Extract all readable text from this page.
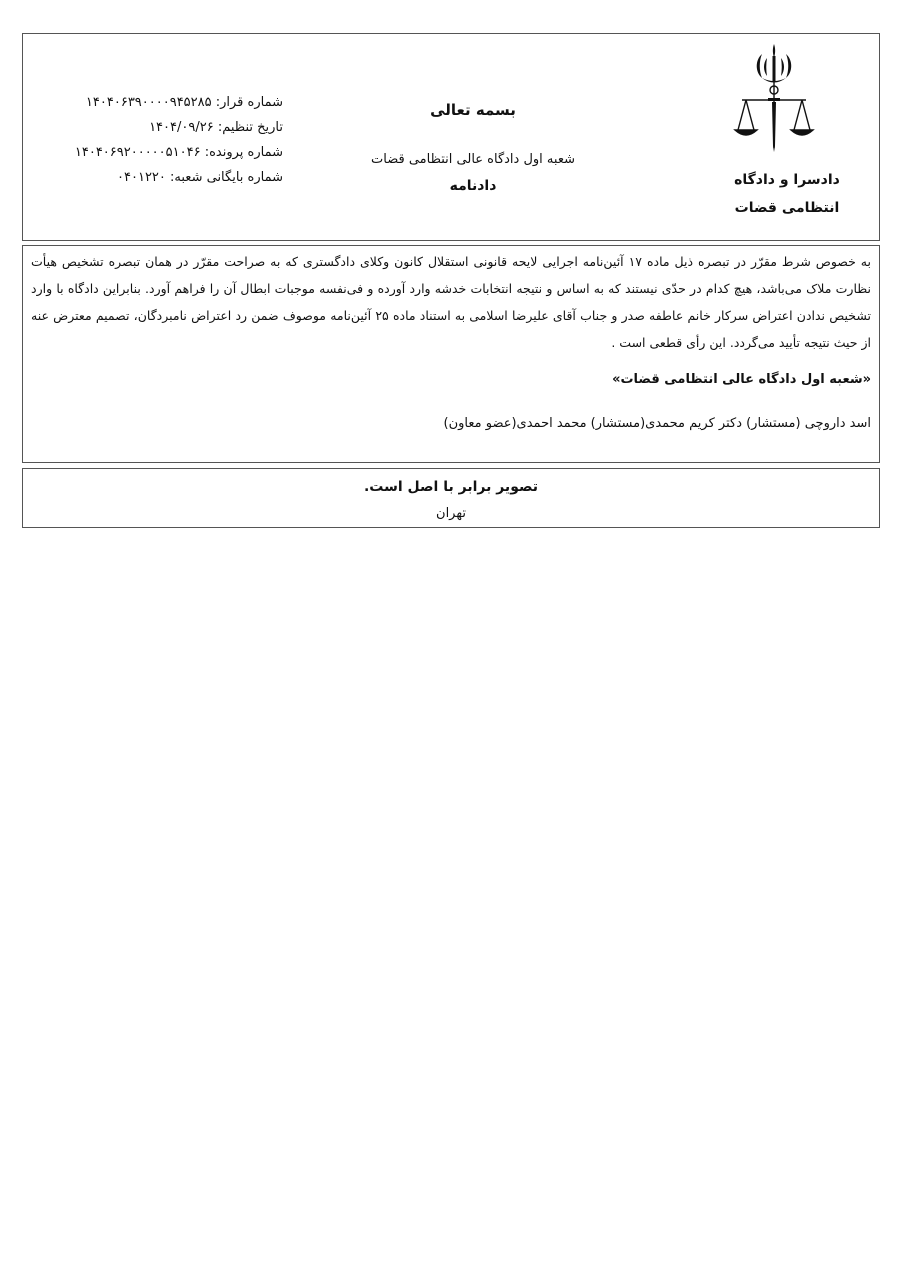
دادسرا و دادگاه انتظامی قضات
بسمه تعالی
شعبه اول دادگاه عالی انتظامی قضات
دادنامه
شماره قرار: ۱۴۰۴۰۶۳۹۰۰۰۰۹۴۵۲۸۵
تاریخ تنظیم: ۱۴۰۴/۰۹/۲۶
شماره پرونده: ۱۴۰۴۰۶۹۲۰۰۰۰۰۵۱۰۴۶
شماره بایگانی شعبه: ۰۴۰۱۲۲۰
به خصوص شرط مقرّر در تبصره ذیل ماده ۱۷ آئین‌نامه اجرایی لایحه قانونی استقلال کانون وکلای دادگستری که به صراحت مقرّر در همان تبصره تشخیص هیأت نظارت ملاک می‌باشد، هیچ کدام در حدّی نیستند که به اساس و نتیجه انتخابات خدشه وارد آورده و فی‌نفسه موجبات ابطال آن را فراهم آورد. بنابراین دادگاه با وارد تشخیص ندادن اعتراض سرکار خانم عاطفه صدر و جناب آقای علیرضا اسلامی به استناد ماده ۲۵ آئین‌نامه موصوف ضمن رد اعتراض نامبردگان، تصمیم معترض عنه از حیث نتیجه تأیید می‌گردد. این رأی قطعی است .
«شعبه اول دادگاه عالی انتظامی قضات»
اسد داروچی (مستشار) دکتر کریم محمدی(مستشار) محمد احمدی(عضو معاون)
تصویر برابر با اصل است.
تهران
